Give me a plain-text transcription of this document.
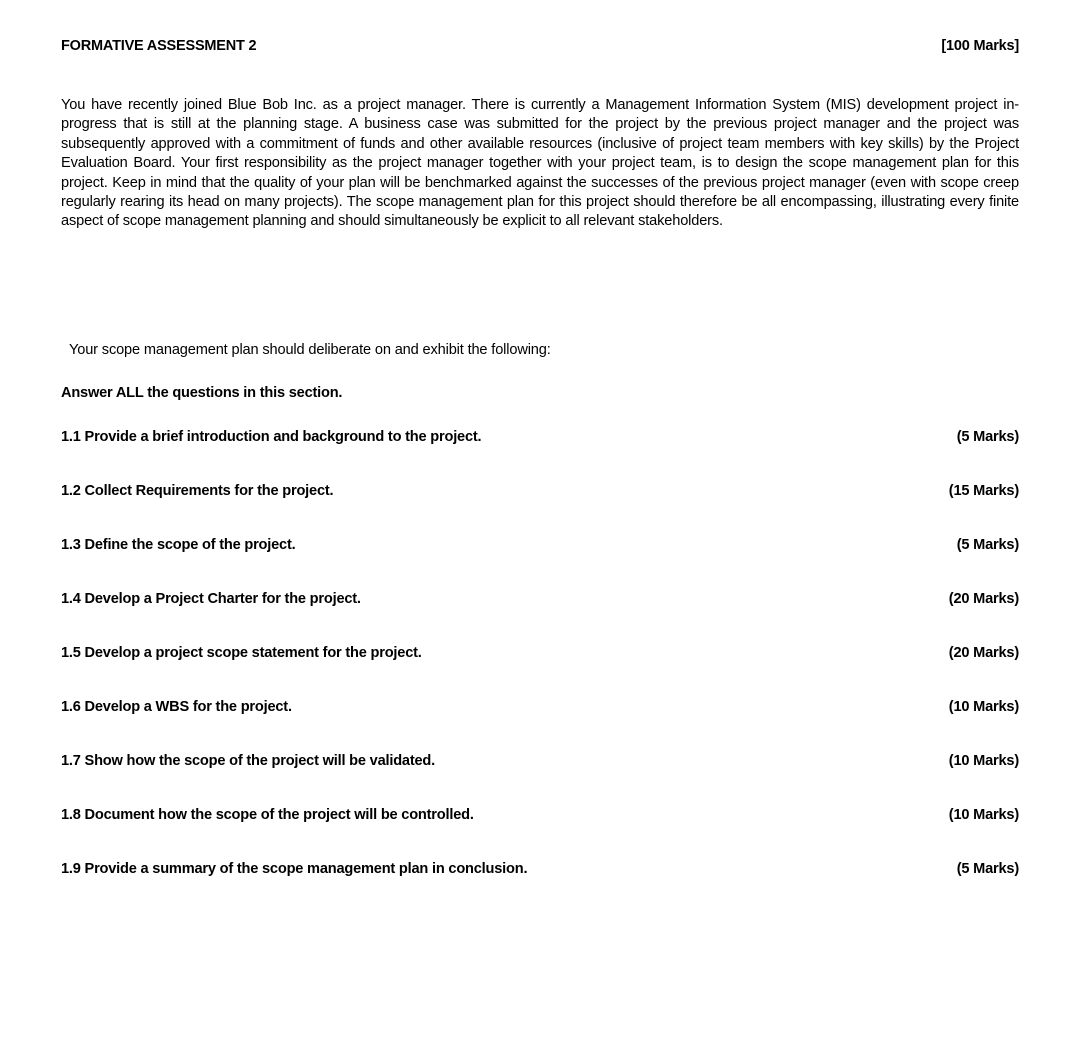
FORMATIVE ASSESSMENT 2	[100 Marks]
You have recently joined Blue Bob Inc. as a project manager. There is currently a Management Information System (MIS) development project in-progress that is still at the planning stage. A business case was submitted for the project by the previous project manager and the project was subsequently approved with a commitment of funds and other available resources (inclusive of project team members with key skills) by the Project Evaluation Board. Your first responsibility as the project manager together with your project team, is to design the scope management plan for this project. Keep in mind that the quality of your plan will be benchmarked against the successes of the previous project manager (even with scope creep regularly rearing its head on many projects). The scope management plan for this project should therefore be all encompassing, illustrating every finite aspect of scope management planning and should simultaneously be explicit to all relevant stakeholders.
Your scope management plan should deliberate on and exhibit the following:
Answer ALL the questions in this section.
1.1 Provide a brief introduction and background to the project.	(5 Marks)
1.2 Collect Requirements for the project.	(15 Marks)
1.3 Define the scope of the project.	(5 Marks)
1.4 Develop a Project Charter for the project.	(20 Marks)
1.5 Develop a project scope statement for the project.	(20 Marks)
1.6 Develop a WBS for the project.	(10 Marks)
1.7 Show how the scope of the project will be validated.	(10 Marks)
1.8 Document how the scope of the project will be controlled.	(10 Marks)
1.9 Provide a summary of the scope management plan in conclusion.	(5 Marks)
